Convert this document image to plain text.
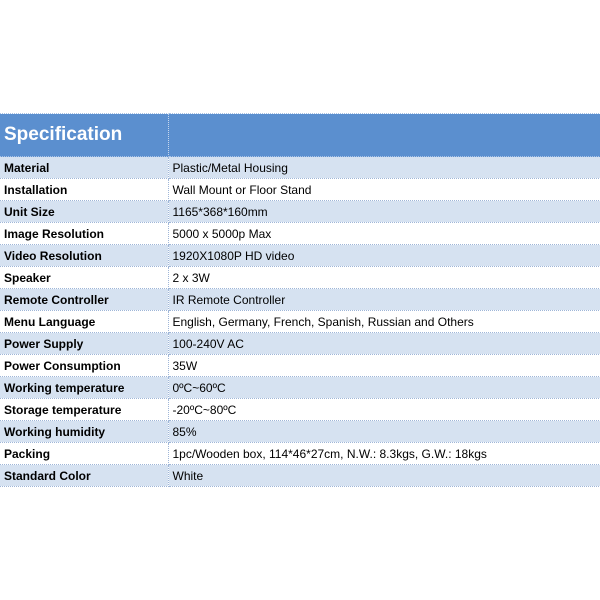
Specification	
Material	Plastic/Metal Housing
Installation	Wall Mount or Floor Stand
Unit Size	1165*368*160mm
Image Resolution	5000 x 5000p Max
Video Resolution	1920X1080P HD video
Speaker	2 x 3W
Remote Controller	IR Remote Controller
Menu Language	English, Germany, French, Spanish, Russian and Others
Power Supply	100-240V AC
Power Consumption	35W
Working temperature	0ºC~60ºC
Storage temperature	-20ºC~80ºC
Working humidity	85%
Packing	1pc/Wooden box, 114*46*27cm, N.W.: 8.3kgs, G.W.: 18kgs
Standard Color	White
